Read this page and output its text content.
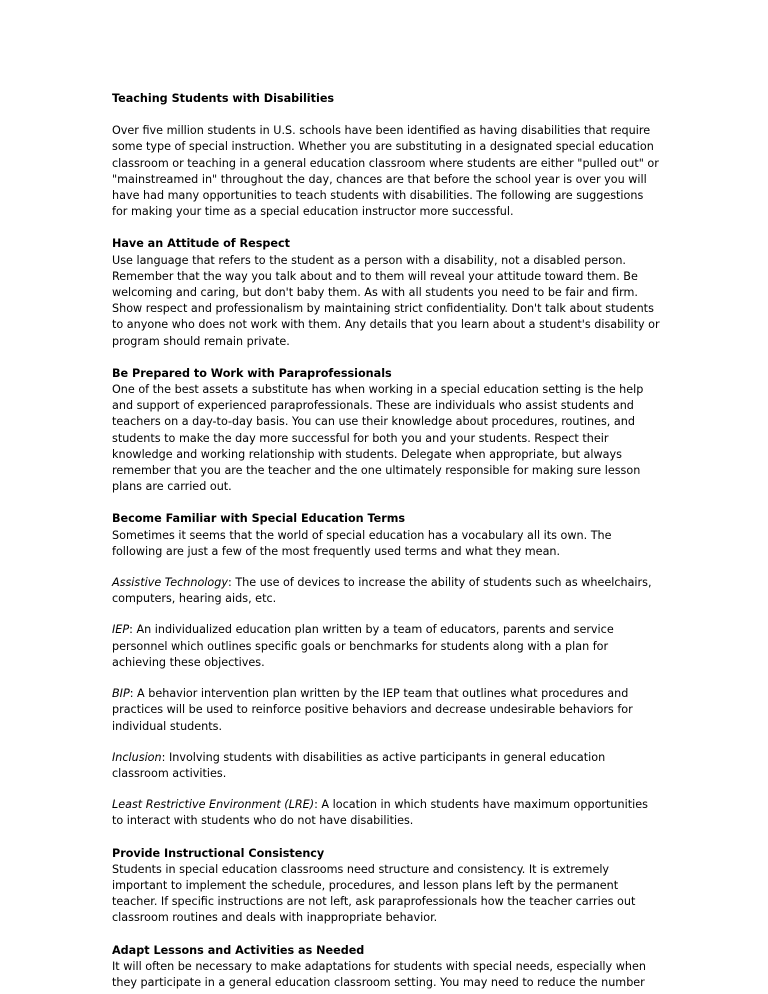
Teaching Students with Disabilities

Over five million students in U.S. schools have been identified as having disabilities that require some type of special instruction. Whether you are substituting in a designated special education classroom or teaching in a general education classroom where students are either "pulled out" or "mainstreamed in" throughout the day, chances are that before the school year is over you will have had many opportunities to teach students with disabilities. The following are suggestions for making your time as a special education instructor more successful.

Have an Attitude of Respect

Use language that refers to the student as a person with a disability, not a disabled person. Remember that the way you talk about and to them will reveal your attitude toward them. Be welcoming and caring, but don't baby them. As with all students you need to be fair and firm. Show respect and professionalism by maintaining strict confidentiality. Don't talk about students to anyone who does not work with them. Any details that you learn about a student's disability or program should remain private.

Be Prepared to Work with Paraprofessionals

One of the best assets a substitute has when working in a special education setting is the help and support of experienced paraprofessionals. These are individuals who assist students and teachers on a day-to-day basis. You can use their knowledge about procedures, routines, and students to make the day more successful for both you and your students. Respect their knowledge and working relationship with students. Delegate when appropriate, but always remember that you are the teacher and the one ultimately responsible for making sure lesson plans are carried out.

Become Familiar with Special Education Terms

Sometimes it seems that the world of special education has a vocabulary all its own. The following are just a few of the most frequently used terms and what they mean.

Assistive Technology: The use of devices to increase the ability of students such as wheelchairs, computers, hearing aids, etc.

IEP: An individualized education plan written by a team of educators, parents and service personnel which outlines specific goals or benchmarks for students along with a plan for achieving these objectives.

BIP: A behavior intervention plan written by the IEP team that outlines what procedures and practices will be used to reinforce positive behaviors and decrease undesirable behaviors for individual students.

Inclusion: Involving students with disabilities as active participants in general education classroom activities.

Least Restrictive Environment (LRE): A location in which students have maximum opportunities to interact with students who do not have disabilities.

Provide Instructional Consistency

Students in special education classrooms need structure and consistency. It is extremely important to implement the schedule, procedures, and lesson plans left by the permanent teacher. If specific instructions are not left, ask paraprofessionals how the teacher carries out classroom routines and deals with inappropriate behavior.

Adapt Lessons and Activities as Needed

It will often be necessary to make adaptations for students with special needs, especially when they participate in a general education classroom setting. You may need to reduce the number
